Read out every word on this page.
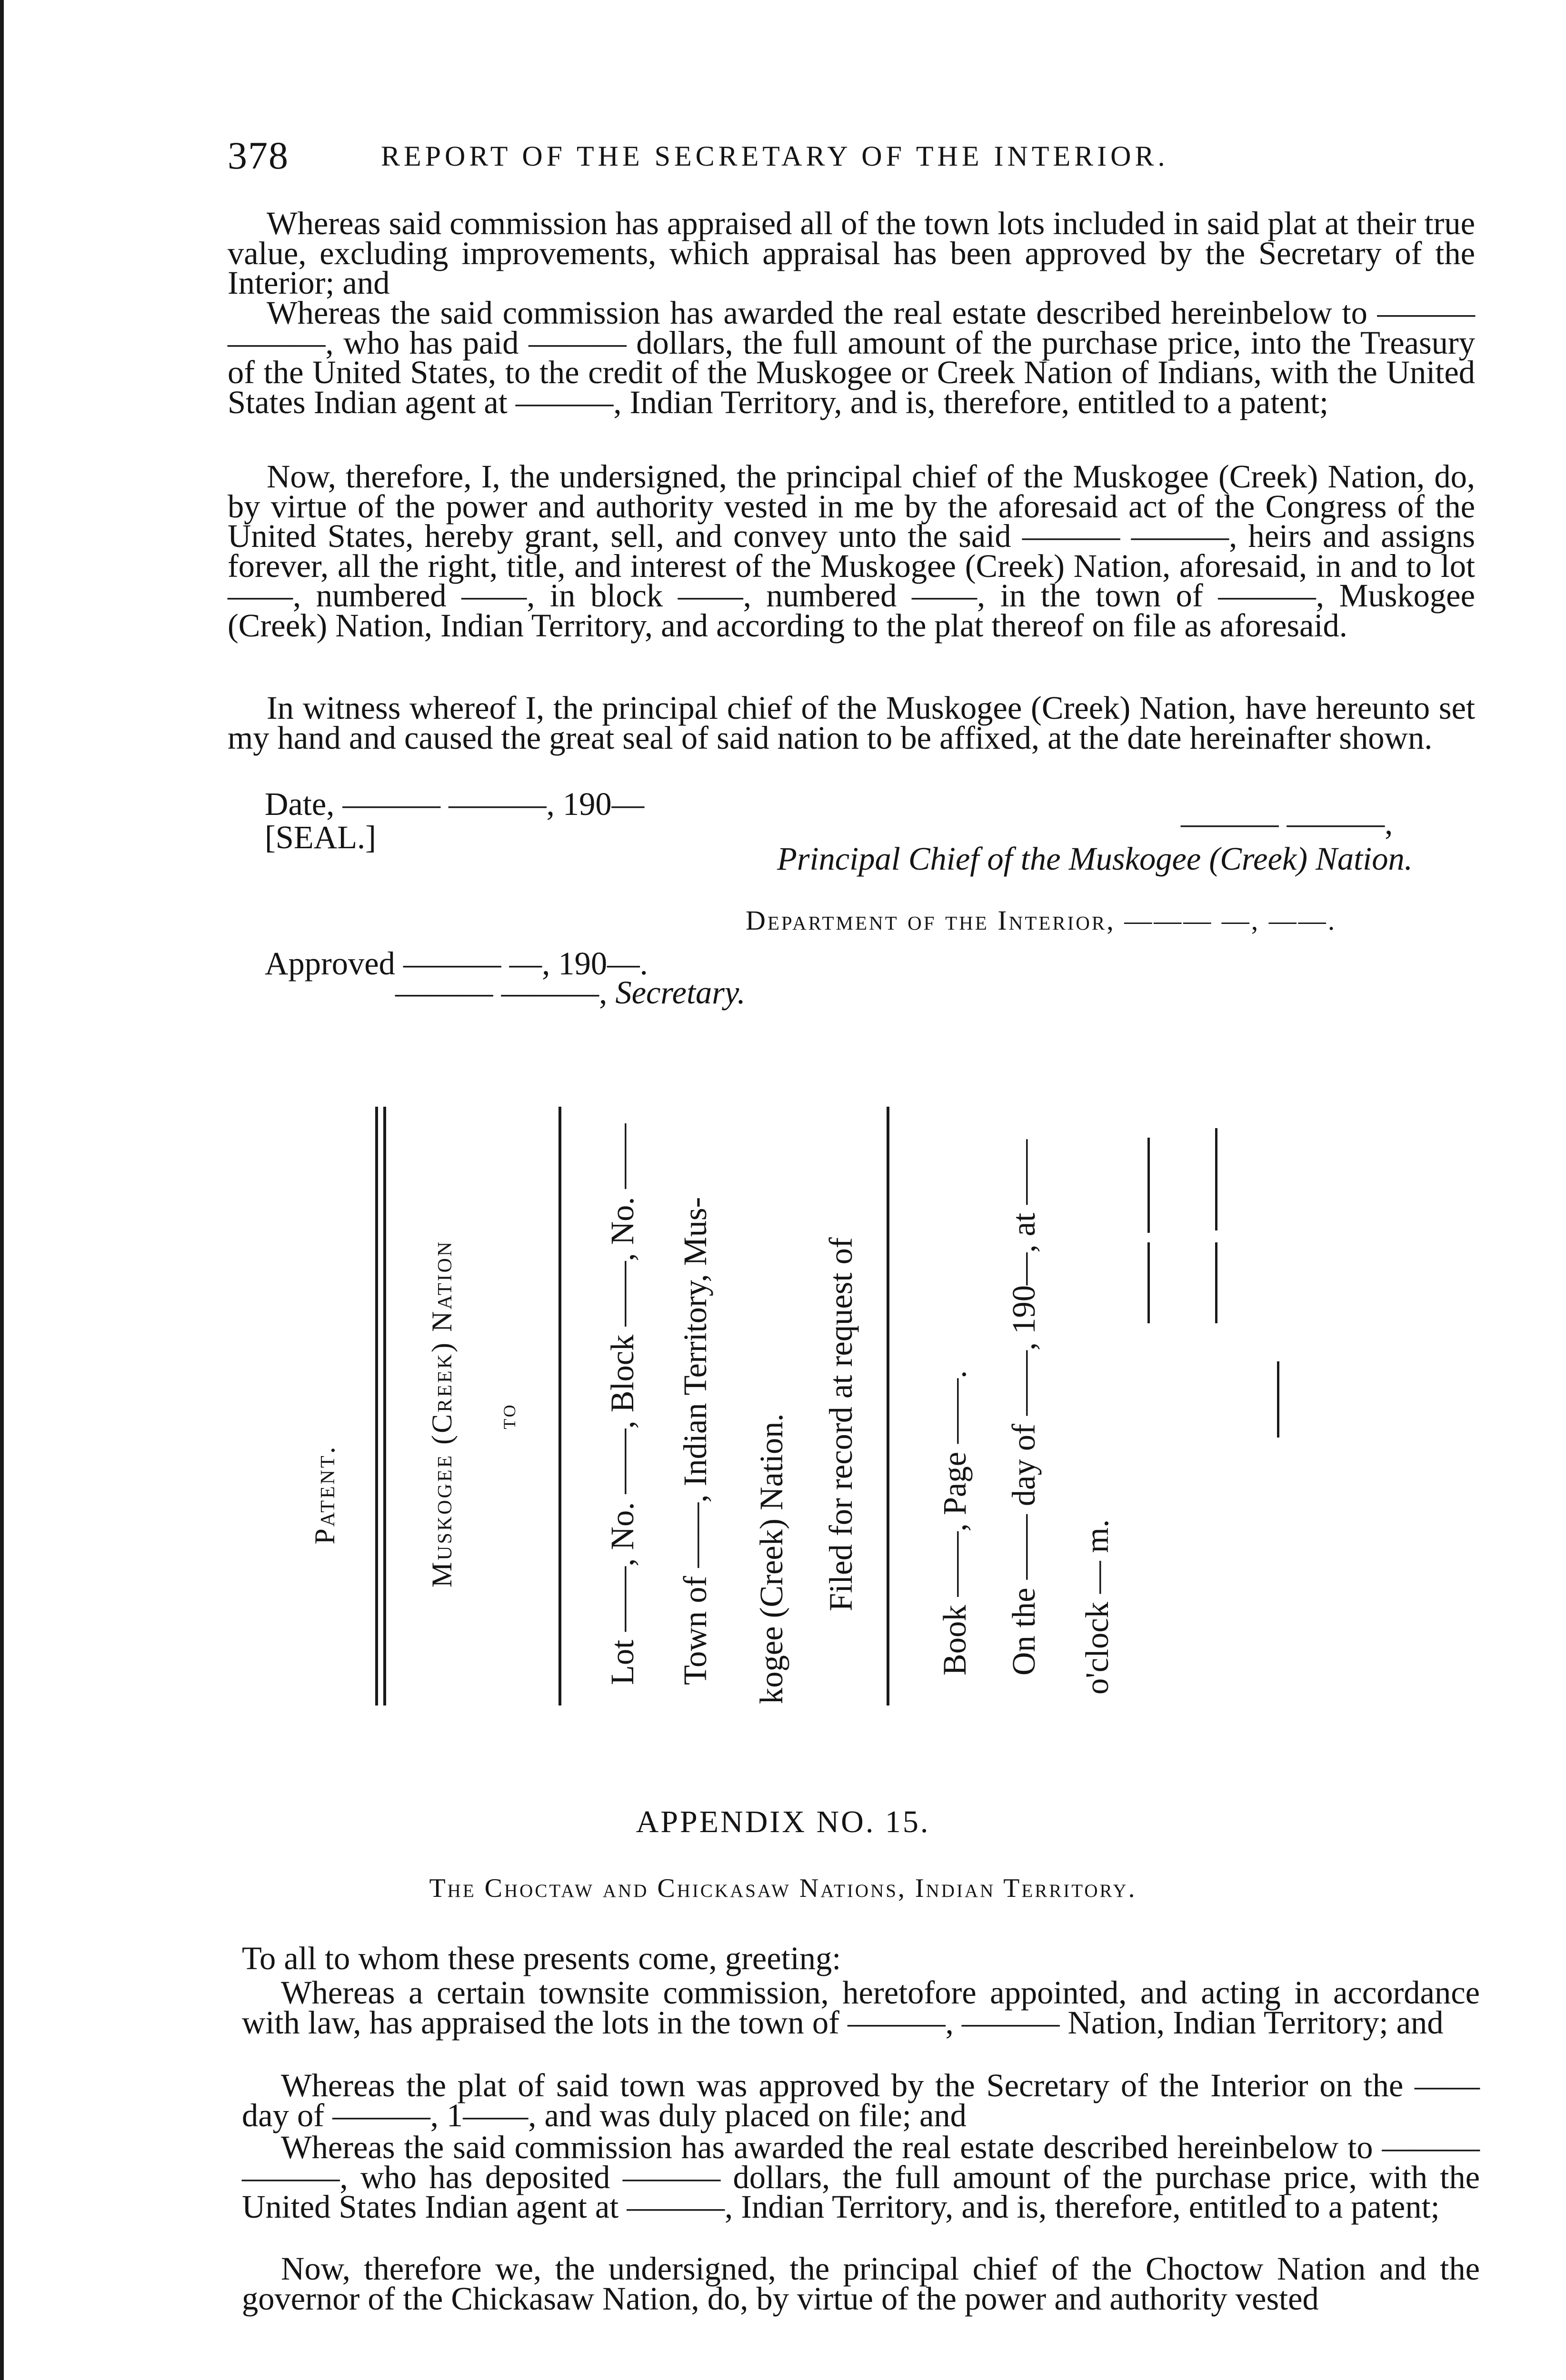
378	REPORT OF THE SECRETARY OF THE INTERIOR.

Whereas said commission has appraised all of the town lots included in said plat at their true value, excluding improvements, which appraisal has been approved by the Secretary of the Interior; and

Whereas the said commission has awarded the real estate described hereinbelow to ——— ———, who has paid ——— dollars, the full amount of the purchase price, into the Treasury of the United States, to the credit of the Muskogee or Creek Nation of Indians, with the United States Indian agent at ———, Indian Territory, and is, therefore, entitled to a patent;

Now, therefore, I, the undersigned, the principal chief of the Muskogee (Creek) Nation, do, by virtue of the power and authority vested in me by the aforesaid act of the Congress of the United States, hereby grant, sell, and convey unto the said ——— ———, heirs and assigns forever, all the right, title, and interest of the Muskogee (Creek) Nation, aforesaid, in and to lot ——, numbered ——, in block ——, numbered ——, in the town of ———, Muskogee (Creek) Nation, Indian Territory, and according to the plat thereof on file as aforesaid.

In witness whereof I, the principal chief of the Muskogee (Creek) Nation, have hereunto set my hand and caused the great seal of said nation to be affixed, at the date hereinafter shown.

Date, ——— ———, 190—
[SEAL.]	——— ———,
Principal Chief of the Muskogee (Creek) Nation.
Department of the Interior, ——— —, ——.
Approved ——— —, 190—.
——— ———, Secretary.
Patent.	Muskogee (Creek) Nation	to	Lot ——, No. ——, Block ——, No. ——	Town of ——, Indian Territory, Mus-	kogee (Creek) Nation.	Filed for record at request of	Book ——, Page ——.	On the —— day of ——, 190—, at ——	o'clock — m.
APPENDIX NO. 15.
The Choctaw and Chickasaw Nations, Indian Territory.
To all to whom these presents come, greeting:

Whereas a certain townsite commission, heretofore appointed, and acting in accordance with law, has appraised the lots in the town of ———, ——— Nation, Indian Territory; and

Whereas the plat of said town was approved by the Secretary of the Interior on the —— day of ———, 1——, and was duly placed on file; and

Whereas the said commission has awarded the real estate described hereinbelow to ——— ———, who has deposited ——— dollars, the full amount of the purchase price, with the United States Indian agent at ———, Indian Territory, and is, therefore, entitled to a patent;

Now, therefore we, the undersigned, the principal chief of the Choctow Nation and the governor of the Chickasaw Nation, do, by virtue of the power and authority vested
